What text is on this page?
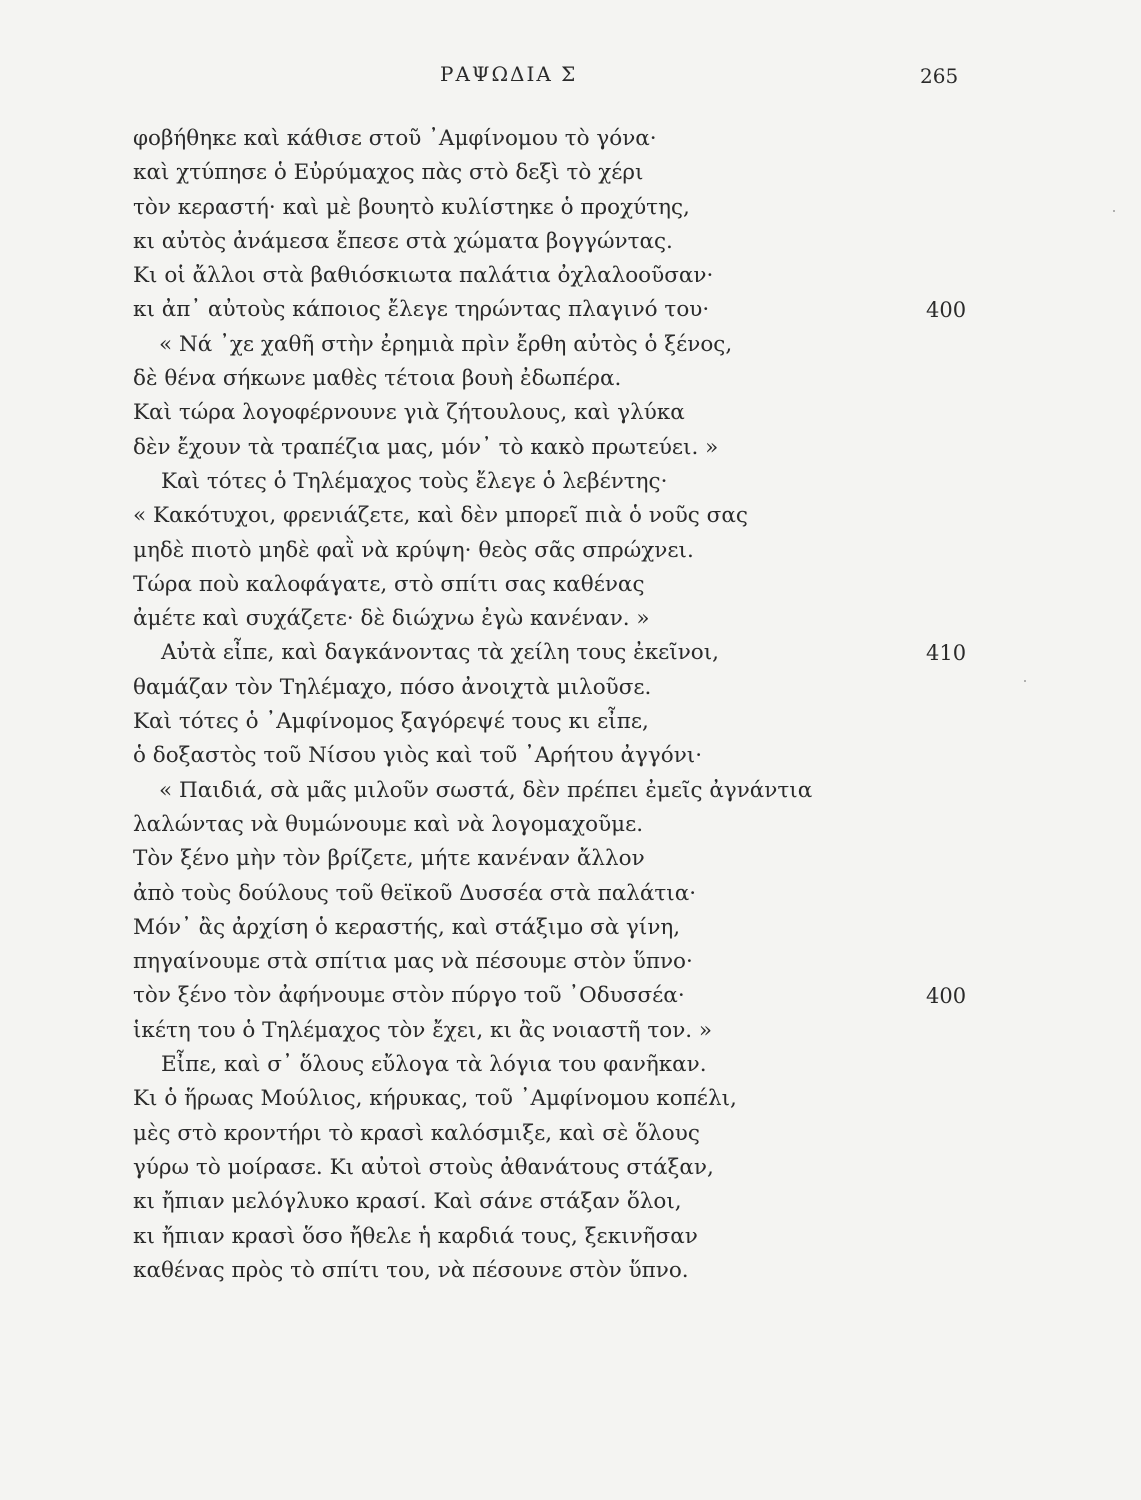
ΡΑΨΩΔΙΑ Σ	265
φοβήθηκε καὶ κάθισε στοῦ ᾽Αμφίνομου τὸ γόνα·
καὶ χτύπησε ὁ Εὐρύμαχος πὰς στὸ δεξὶ τὸ χέρι
τὸν κεραστή· καὶ μὲ βουητὸ κυλίστηκε ὁ προχύτης,
κι αὐτὸς ἀνάμεσα ἔπεσε στὰ χώματα βογγώντας.
Κι οἱ ἄλλοι στὰ βαθιόσκιωτα παλάτια ὀχλαλοοῦσαν·
κι ἀπ᾽ αὐτοὺς κάποιος ἔλεγε τηρώντας πλαγινό του·	400
« Νά ᾽χε χαθῆ στὴν ἐρημιὰ πρὶν ἔρθη αὐτὸς ὁ ξένος,
δὲ θένα σήκωνε μαθὲς τέτοια βουὴ ἐδωπέρα.
Καὶ τώρα λογοφέρνουνε γιὰ ζήτουλους, καὶ γλύκα
δὲν ἔχουν τὰ τραπέζια μας, μόν᾽ τὸ κακὸ πρωτεύει. »
Καὶ τότες ὁ Τηλέμαχος τοὺς ἔλεγε ὁ λεβέντης·
« Κακότυχοι, φρενιάζετε, καὶ δὲν μπορεῖ πιὰ ὁ νοῦς σας
μηδὲ πιοτὸ μηδὲ φαῒ νὰ κρύψη· θεὸς σᾶς σπρώχνει.
Τώρα ποὺ καλοφάγατε, στὸ σπίτι σας καθένας
ἀμέτε καὶ συχάζετε· δὲ διώχνω ἐγὼ κανέναν. »
Αὐτὰ εἶπε, καὶ δαγκάνοντας τὰ χείλη τους ἐκεῖνοι,	410
θαμάζαν τὸν Τηλέμαχο, πόσο ἀνοιχτὰ μιλοῦσε.
Καὶ τότες ὁ ᾽Αμφίνομος ξαγόρεψέ τους κι εἶπε,
ὁ δοξαστὸς τοῦ Νίσου γιὸς καὶ τοῦ ᾽Αρήτου ἀγγόνι·
« Παιδιά, σὰ μᾶς μιλοῦν σωστά, δὲν πρέπει ἐμεῖς ἀγνάντια
λαλώντας νὰ θυμώνουμε καὶ νὰ λογομαχοῦμε.
Τὸν ξένο μὴν τὸν βρίζετε, μήτε κανέναν ἄλλον
ἀπὸ τοὺς δούλους τοῦ θεϊκοῦ Δυσσέα στὰ παλάτια·
Μόν᾽ ἂς ἀρχίση ὁ κεραστής, καὶ στάξιμο σὰ γίνη,
πηγαίνουμε στὰ σπίτια μας νὰ πέσουμε στὸν ὕπνο·
τὸν ξένο τὸν ἀφήνουμε στὸν πύργο τοῦ ᾽Οδυσσέα·	400
ἱκέτη του ὁ Τηλέμαχος τὸν ἔχει, κι ἂς νοιαστῆ τον. »
Εἶπε, καὶ σ᾽ ὅλους εὔλογα τὰ λόγια του φανῆκαν.
Κι ὁ ἥρωας Μούλιος, κήρυκας, τοῦ ᾽Αμφίνομου κοπέλι,
μὲς στὸ κροντήρι τὸ κρασὶ καλόσμιξε, καὶ σὲ ὅλους
γύρω τὸ μοίρασε. Κι αὐτοὶ στοὺς ἀθανάτους στάξαν,
κι ἤπιαν μελόγλυκο κρασί. Καὶ σάνε στάξαν ὅλοι,
κι ἤπιαν κρασὶ ὅσο ἤθελε ἡ καρδιά τους, ξεκινῆσαν
καθένας πρὸς τὸ σπίτι του, νὰ πέσουνε στὸν ὕπνο.
